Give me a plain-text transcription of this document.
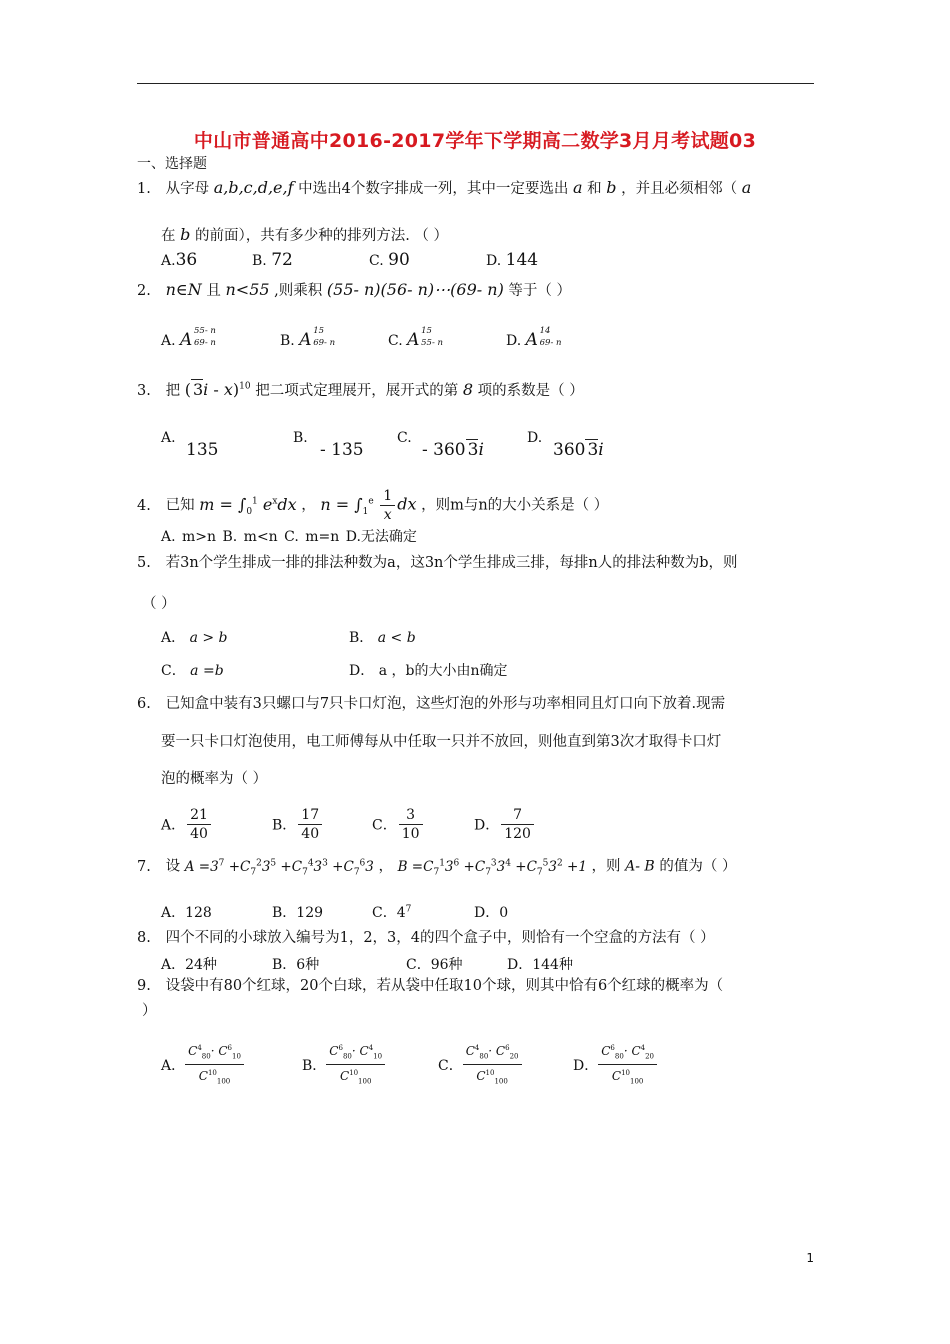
中山市普通高中2016-2017学年下学期高二数学3月月考试题03
一、选择题
1. 从字母 a,b,c,d,e,f 中选出4个数字排成一列，其中一定要选出 a 和 b ，并且必须相邻（ a
在 b 的前面），共有多少种的排列方法. （ ）
A.36	B. 72	C. 90	D. 144
2. n∈N 且 n<55 ,则乘积 (55- n)(56- n)⋯(69- n) 等于（ ）
A. A 55- n
69- n	B. A 15
69- n	C. A 15
55- n	D. A 14
69- n
3. 把 ( 3i - x)$^{10}$ 把二项式定理展开，展开式的第 8 项的系数是（ ）
A.
135
B.
- 135
C.
- 360 3i
D.
360 3i
4. 已知 $m = \int_0^1$ $e^xdx$ ， $n = \int_1^e \frac{1}{x}$ dx ，则m与n的大小关系是（ ）
A. m>n B. m<n C. m=n D.无法确定
5. 若3n个学生排成一排的排法种数为a，这3n个学生排成三排，每排n人的排法种数为b，则
（ ）
A． a > b	B． a < b
C． a =b	D． a ，b的大小由n确定
6. 已知盒中装有3只螺口与7只卡口灯泡，这些灯泡的外形与功率相同且灯口向下放着.现需
要一只卡口灯泡使用，电工师傅每从中任取一只并不放回，则他直到第3次才取得卡口灯
泡的概率为（ ）
A． $\frac{21}{40}$	B． $\frac{17}{40}$	C． $\frac{3}{10}$	D． $\frac{7}{120}$
7. 设 $A =3^7 +C_7^23^5 +C_7^43^3 +C_7^63$ ， $B =C_7^13^6 +C_7^33^4 +C_7^53^2 +1$ ，则 A- B 的值为（ ）
A．128	B．129	C．$4^7$	D．0
8. 四个不同的小球放入编号为1，2，3，4的四个盒子中，则恰有一个空盒的方法有（ ）
A．24种	B．6种	C．96种	D．144种
9. 设袋中有80个红球，20个白球，若从袋中任取10个球，则其中恰有6个红球的概率为（
）
A． $\frac{C^4_{80}\cdot C^6_{10}}{C^{10}_{100}}$	B． $\frac{C^6_{80}\cdot C^4_{10}}{C^{10}_{100}}$	C． $\frac{C^4_{80}\cdot C^6_{20}}{C^{10}_{100}}$	D． $\frac{C^6_{80}\cdot C^4_{20}}{C^{10}_{100}}$
1
